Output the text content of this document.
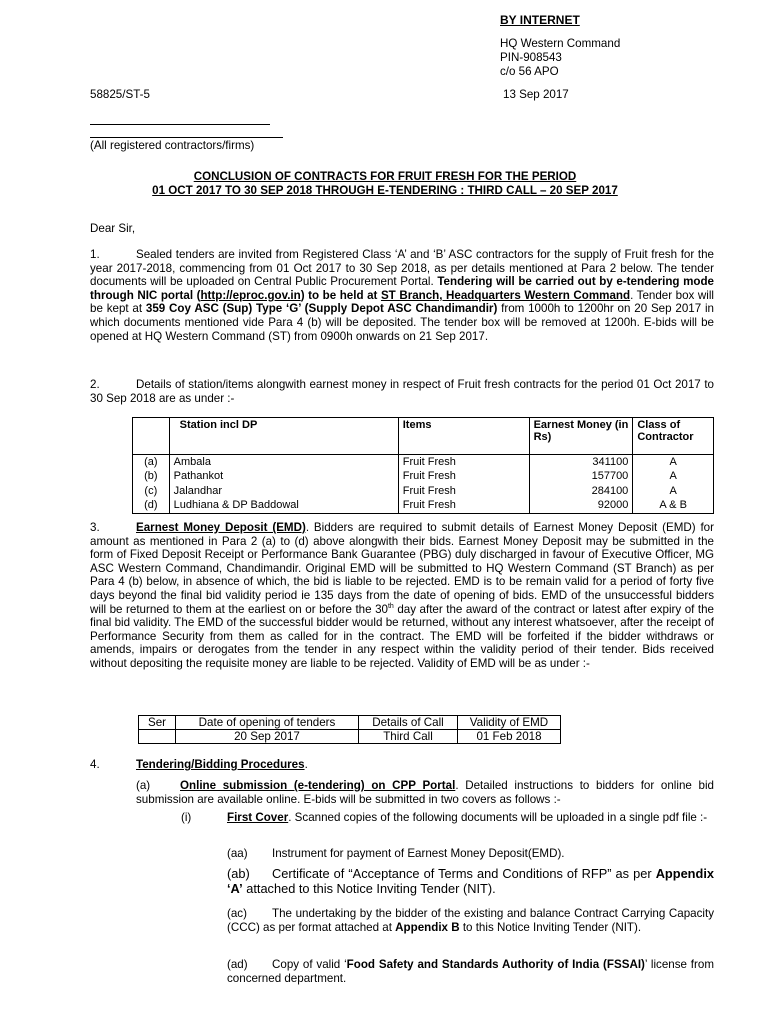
BY INTERNET
HQ Western Command
PIN-908543
c/o 56 APO
58825/ST-5	13 Sep 2017
(All registered contractors/firms)
CONCLUSION OF CONTRACTS FOR FRUIT FRESH FOR THE PERIOD
01 OCT 2017 TO 30 SEP 2018 THROUGH E-TENDERING : THIRD CALL – 20 SEP 2017
Dear Sir,
1.	Sealed tenders are invited from Registered Class ‘A’ and ‘B’ ASC contractors for the supply of Fruit fresh for the year 2017-2018, commencing from 01 Oct 2017 to 30 Sep 2018, as per details mentioned at Para 2 below. The tender documents will be uploaded on Central Public Procurement Portal. Tendering will be carried out by e-tendering mode through NIC portal (http://eproc.gov.in) to be held at ST Branch, Headquarters Western Command. Tender box will be kept at 359 Coy ASC (Sup) Type ‘G’ (Supply Depot ASC Chandimandir) from 1000h to 1200hr on 20 Sep 2017 in which documents mentioned vide Para 4 (b) will be deposited. The tender box will be removed at 1200h. E-bids will be opened at HQ Western Command (ST) from 0900h onwards on 21 Sep 2017.
2.	Details of station/items alongwith earnest money in respect of Fruit fresh contracts for the period 01 Oct 2017 to 30 Sep 2018 are as under :-
	Station incl DP	Items	Earnest Money (in Rs)	Class of Contractor
(a)	Ambala	Fruit Fresh	341100	A
(b)	Pathankot	Fruit Fresh	157700	A
(c)	Jalandhar	Fruit Fresh	284100	A
(d)	Ludhiana & DP Baddowal	Fruit Fresh	92000	A & B
3.	Earnest Money Deposit (EMD). Bidders are required to submit details of Earnest Money Deposit (EMD) for amount as mentioned in Para 2 (a) to (d) above alongwith their bids. Earnest Money Deposit may be submitted in the form of Fixed Deposit Receipt or Performance Bank Guarantee (PBG) duly discharged in favour of Executive Officer, MG ASC Western Command, Chandimandir. Original EMD will be submitted to HQ Western Command (ST Branch) as per Para 4 (b) below, in absence of which, the bid is liable to be rejected. EMD is to be remain valid for a period of forty five days beyond the final bid validity period ie 135 days from the date of opening of bids. EMD of the unsuccessful bidders will be returned to them at the earliest on or before the 30th day after the award of the contract or latest after expiry of the final bid validity. The EMD of the successful bidder would be returned, without any interest whatsoever, after the receipt of Performance Security from them as called for in the contract. The EMD will be forfeited if the bidder withdraws or amends, impairs or derogates from the tender in any respect within the validity period of their tender. Bids received without depositing the requisite money are liable to be rejected. Validity of EMD will be as under :-
Ser	Date of opening of tenders	Details of Call	Validity of EMD
	20 Sep 2017	Third Call	01 Feb 2018
4.	Tendering/Bidding Procedures.
(a)	Online submission (e-tendering) on CPP Portal. Detailed instructions to bidders for online bid submission are available online. E-bids will be submitted in two covers as follows :-
(i)	First Cover. Scanned copies of the following documents will be uploaded in a single pdf file :-
(aa) Instrument for payment of Earnest Money Deposit(EMD).
(ab) Certificate of “Acceptance of Terms and Conditions of RFP” as per Appendix ‘A’ attached to this Notice Inviting Tender (NIT).
(ac) The undertaking by the bidder of the existing and balance Contract Carrying Capacity (CCC) as per format attached at Appendix B to this Notice Inviting Tender (NIT).
(ad) Copy of valid ‘Food Safety and Standards Authority of India (FSSAI)’ license from concerned department.
